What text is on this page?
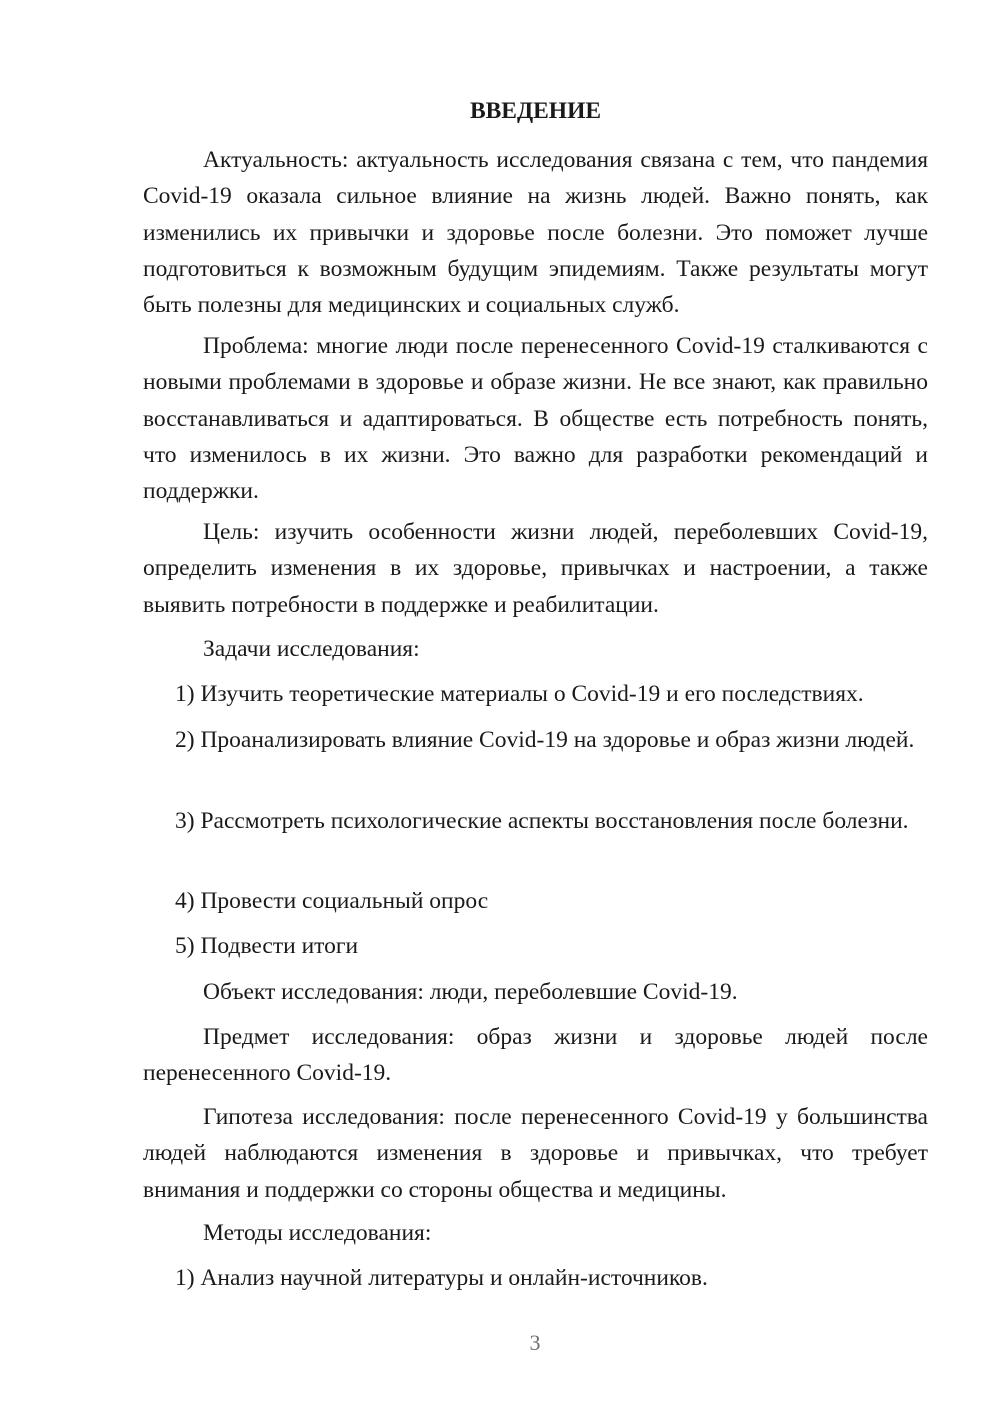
ВВЕДЕНИЕ

Актуальность: актуальность исследования связана с тем, что пандемия Covid-19 оказала сильное влияние на жизнь людей. Важно понять, как изменились их привычки и здоровье после болезни. Это поможет лучше подготовиться к возможным будущим эпидемиям. Также результаты могут быть полезны для медицинских и социальных служб.

Проблема: многие люди после перенесенного Covid-19 сталкиваются с новыми проблемами в здоровье и образе жизни. Не все знают, как правильно восстанавливаться и адаптироваться. В обществе есть потребность понять, что изменилось в их жизни. Это важно для разработки рекомендаций и поддержки.

Цель: изучить особенности жизни людей, переболевших Covid-19, определить изменения в их здоровье, привычках и настроении, а также выявить потребности в поддержке и реабилитации.

Задачи исследования:

1) Изучить теоретические материалы о Covid-19 и его последствиях.

2) Проанализировать влияние Covid-19 на здоровье и образ жизни людей.

3) Рассмотреть психологические аспекты восстановления после болезни.

4) Провести социальный опрос

5) Подвести итоги

Объект исследования: люди, переболевшие Covid-19.

Предмет исследования: образ жизни и здоровье людей после перенесенного Covid-19.

Гипотеза исследования: после перенесенного Covid-19 у большинства людей наблюдаются изменения в здоровье и привычках, что требует внимания и поддержки со стороны общества и медицины.

Методы исследования:

1) Анализ научной литературы и онлайн-источников.

3
